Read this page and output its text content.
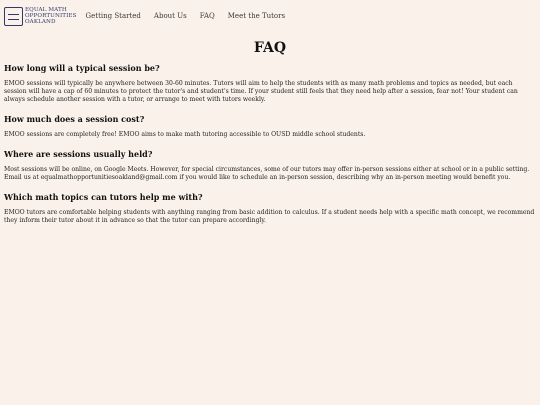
EQUAL MATH
OPPORTUNITIES
OAKLAND
Getting Started About Us FAQ Meet the Tutors
FAQ
How long will a typical session be?

EMOO sessions will typically be anywhere between 30-60 minutes. Tutors will aim to help the students with as many math problems and topics as needed, but each session will have a cap of 60 minutes to protect the tutor's and student's time. If your student still feels that they need help after a session, fear not! Your student can always schedule another session with a tutor, or arrange to meet with tutors weekly.

How much does a session cost?

EMOO sessions are completely free! EMOO aims to make math tutoring accessible to OUSD middle school students.

Where are sessions usually held?

Most sessions will be online, on Google Meets. However, for special circumstances, some of our tutors may offer in-person sessions either at school or in a public setting. Email us at equalmathopportunitiesoakland@gmail.com if you would like to schedule an in-person session, describing why an in-person meeting would benefit you.

Which math topics can tutors help me with?

EMOO tutors are comfortable helping students with anything ranging from basic addition to calculus. If a student needs help with a specific math concept, we recommend they inform their tutor about it in advance so that the tutor can prepare accordingly.
